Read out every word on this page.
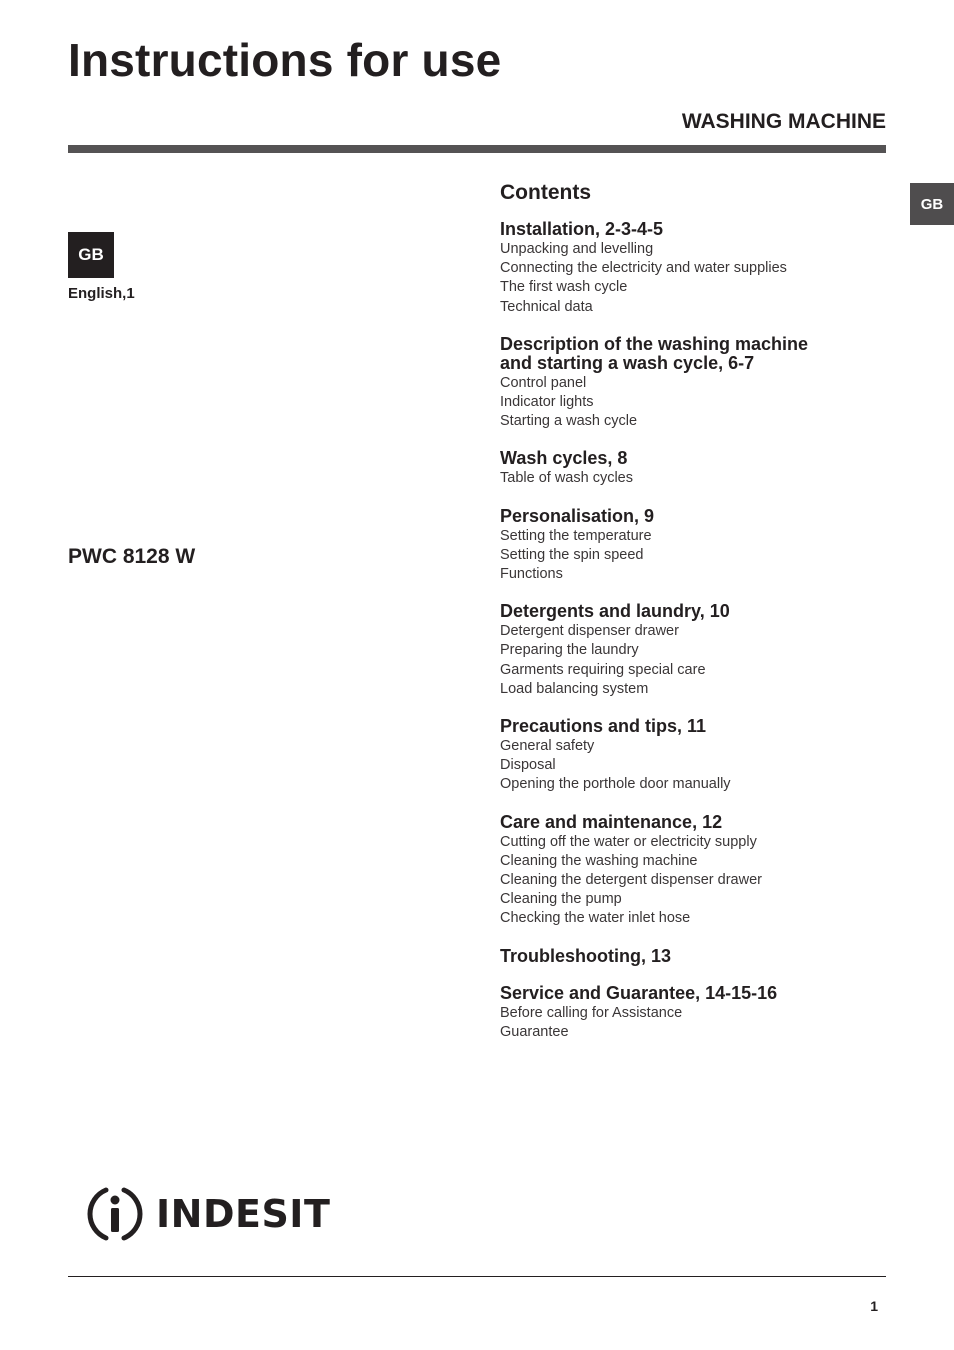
Instructions for use
WASHING MACHINE
GB
GB
English,1
PWC 8128 W
Contents
Installation, 2-3-4-5
Unpacking and levelling
Connecting the electricity and water supplies
The first wash cycle
Technical data
Description of the washing machine
and starting a wash cycle, 6-7
Control panel
Indicator lights
Starting a wash cycle
Wash cycles, 8
Table of wash cycles
Personalisation, 9
Setting the temperature
Setting the spin speed
Functions
Detergents and laundry, 10
Detergent dispenser drawer
Preparing the laundry
Garments requiring special care
Load balancing system
Precautions and tips, 11
General safety
Disposal
Opening the porthole door manually
Care and maintenance, 12
Cutting off the water or electricity supply
Cleaning the washing machine
Cleaning the detergent dispenser drawer
Cleaning the pump
Checking the water inlet hose
Troubleshooting, 13
Service and Guarantee, 14-15-16
Before calling for Assistance
Guarantee
INDESIT
1
